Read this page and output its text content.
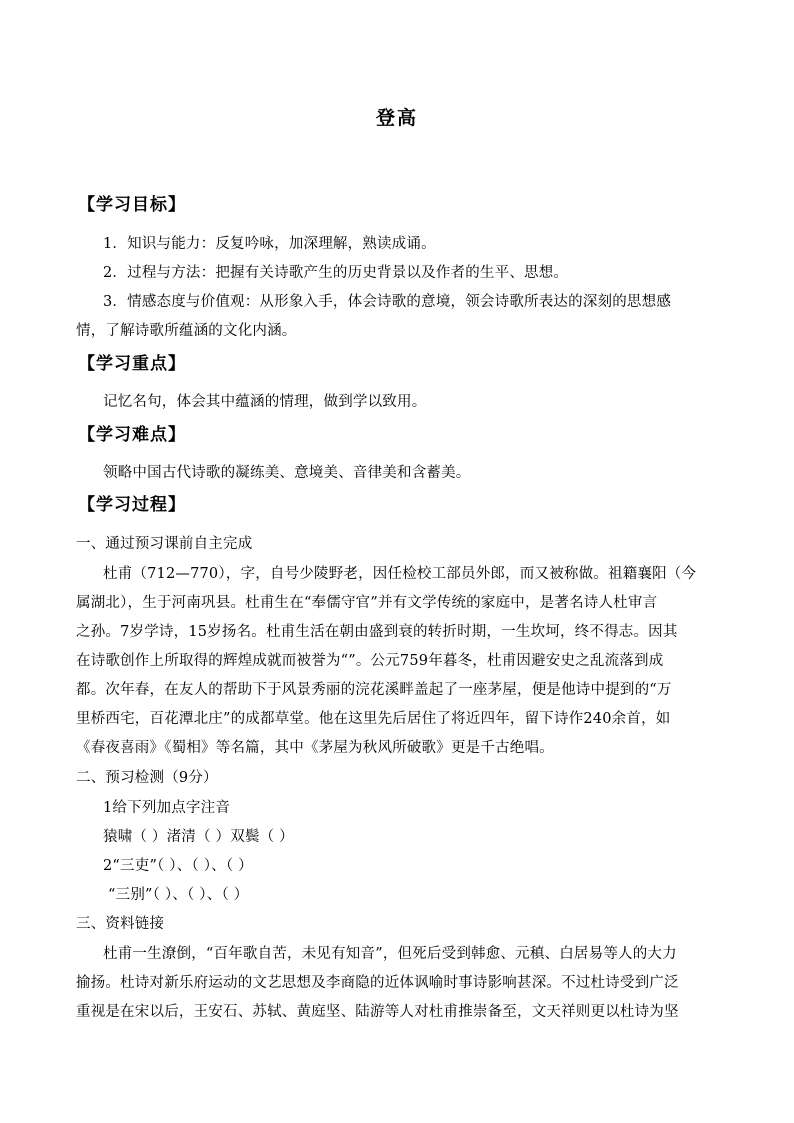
登高
【学习目标】
1．知识与能力：反复吟咏，加深理解，熟读成诵。
2．过程与方法：把握有关诗歌产生的历史背景以及作者的生平、思想。
3．情感态度与价值观：从形象入手，体会诗歌的意境，领会诗歌所表达的深刻的思想感
情，了解诗歌所蕴涵的文化内涵。
【学习重点】
记忆名句，体会其中蕴涵的情理，做到学以致用。
【学习难点】
领略中国古代诗歌的凝练美、意境美、音律美和含蓄美。
【学习过程】
一、通过预习课前自主完成
杜甫（712—770），字，自号少陵野老，因任检校工部员外郎，而又被称做。祖籍襄阳（今
属湖北），生于河南巩县。杜甫生在“奉儒守官”并有文学传统的家庭中，是著名诗人杜审言
之孙。7岁学诗，15岁扬名。杜甫生活在朝由盛到衰的转折时期，一生坎坷，终不得志。因其
在诗歌创作上所取得的辉煌成就而被誉为“”。公元759年暮冬，杜甫因避安史之乱流落到成
都。次年春，在友人的帮助下于风景秀丽的浣花溪畔盖起了一座茅屋，便是他诗中提到的“万
里桥西宅，百花潭北庄”的成都草堂。他在这里先后居住了将近四年，留下诗作240余首，如
《春夜喜雨》《蜀相》等名篇，其中《茅屋为秋风所破歌》更是千古绝唱。
二、预习检测（9分）
1给下列加点字注音
猿啸（ ）渚清（ ）双鬓（ ）
2“三吏”（ ）、（ ）、（ ）
“三别”（ ）、（ ）、（ ）
三、资料链接
杜甫一生潦倒，“百年歌自苦，未见有知音”，但死后受到韩愈、元稹、白居易等人的大力
揄扬。杜诗对新乐府运动的文艺思想及李商隐的近体讽喻时事诗影响甚深。不过杜诗受到广泛
重视是在宋以后，王安石、苏轼、黄庭坚、陆游等人对杜甫推崇备至，文天祥则更以杜诗为坚
